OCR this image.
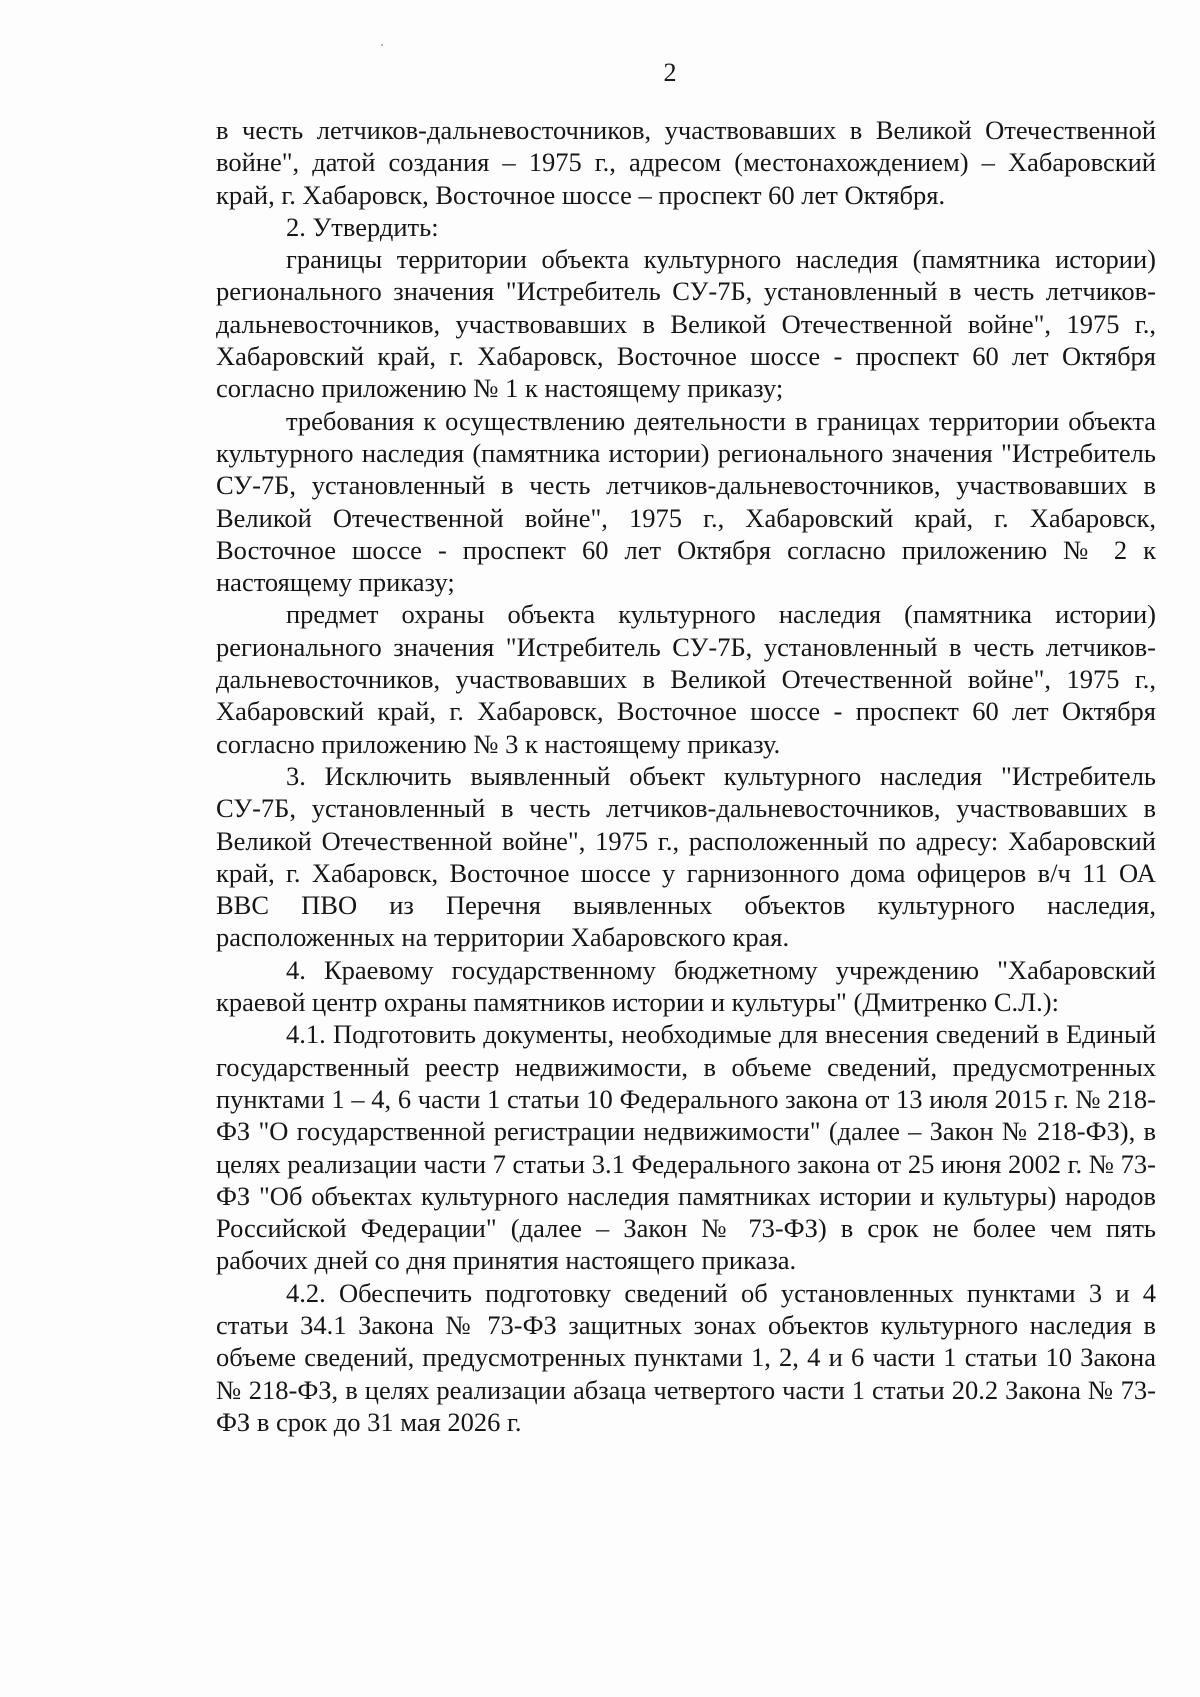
2

в честь летчиков-дальневосточников, участвовавших в Великой Отечественной войне", датой создания – 1975 г., адресом (местонахождением) – Хабаровский край, г. Хабаровск, Восточное шоссе – проспект 60 лет Октября.

2. Утвердить:

границы территории объекта культурного наследия (памятника истории) регионального значения "Истребитель СУ-7Б, установленный в честь летчиков-дальневосточников, участвовавших в Великой Отечественной войне", 1975 г., Хабаровский край, г. Хабаровск, Восточное шоссе - проспект 60 лет Октября согласно приложению № 1 к настоящему приказу;

требования к осуществлению деятельности в границах территории объекта культурного наследия (памятника истории) регионального значения "Истребитель СУ-7Б, установленный в честь летчиков-дальневосточников, участвовавших в Великой Отечественной войне", 1975 г., Хабаровский край, г. Хабаровск, Восточное шоссе - проспект 60 лет Октября согласно приложению № 2 к настоящему приказу;

предмет охраны объекта культурного наследия (памятника истории) регионального значения "Истребитель СУ-7Б, установленный в честь летчиков-дальневосточников, участвовавших в Великой Отечественной войне", 1975 г., Хабаровский край, г. Хабаровск, Восточное шоссе - проспект 60 лет Октября согласно приложению № 3 к настоящему приказу.

3. Исключить выявленный объект культурного наследия "Истребитель СУ-7Б, установленный в честь летчиков-дальневосточников, участвовавших в Великой Отечественной войне", 1975 г., расположенный по адресу: Хабаровский край, г. Хабаровск, Восточное шоссе у гарнизонного дома офицеров в/ч 11 ОА ВВС ПВО из Перечня выявленных объектов культурного наследия, расположенных на территории Хабаровского края.

4. Краевому государственному бюджетному учреждению "Хабаровский краевой центр охраны памятников истории и культуры" (Дмитренко С.Л.):

4.1. Подготовить документы, необходимые для внесения сведений в Единый государственный реестр недвижимости, в объеме сведений, предусмотренных пунктами 1 – 4, 6 части 1 статьи 10 Федерального закона от 13 июля 2015 г. № 218-ФЗ "О государственной регистрации недвижимости" (далее – Закон № 218-ФЗ), в целях реализации части 7 статьи 3.1 Федерального закона от 25 июня 2002 г. № 73-ФЗ "Об объектах культурного наследия памятниках истории и культуры) народов Российской Федерации" (далее – Закон № 73-ФЗ) в срок не более чем пять рабочих дней со дня принятия настоящего приказа.

4.2. Обеспечить подготовку сведений об установленных пунктами 3 и 4 статьи 34.1 Закона № 73-ФЗ защитных зонах объектов культурного наследия в объеме сведений, предусмотренных пунктами 1, 2, 4 и 6 части 1 статьи 10 Закона № 218-ФЗ, в целях реализации абзаца четвертого части 1 статьи 20.2 Закона № 73-ФЗ в срок до 31 мая 2026 г.
